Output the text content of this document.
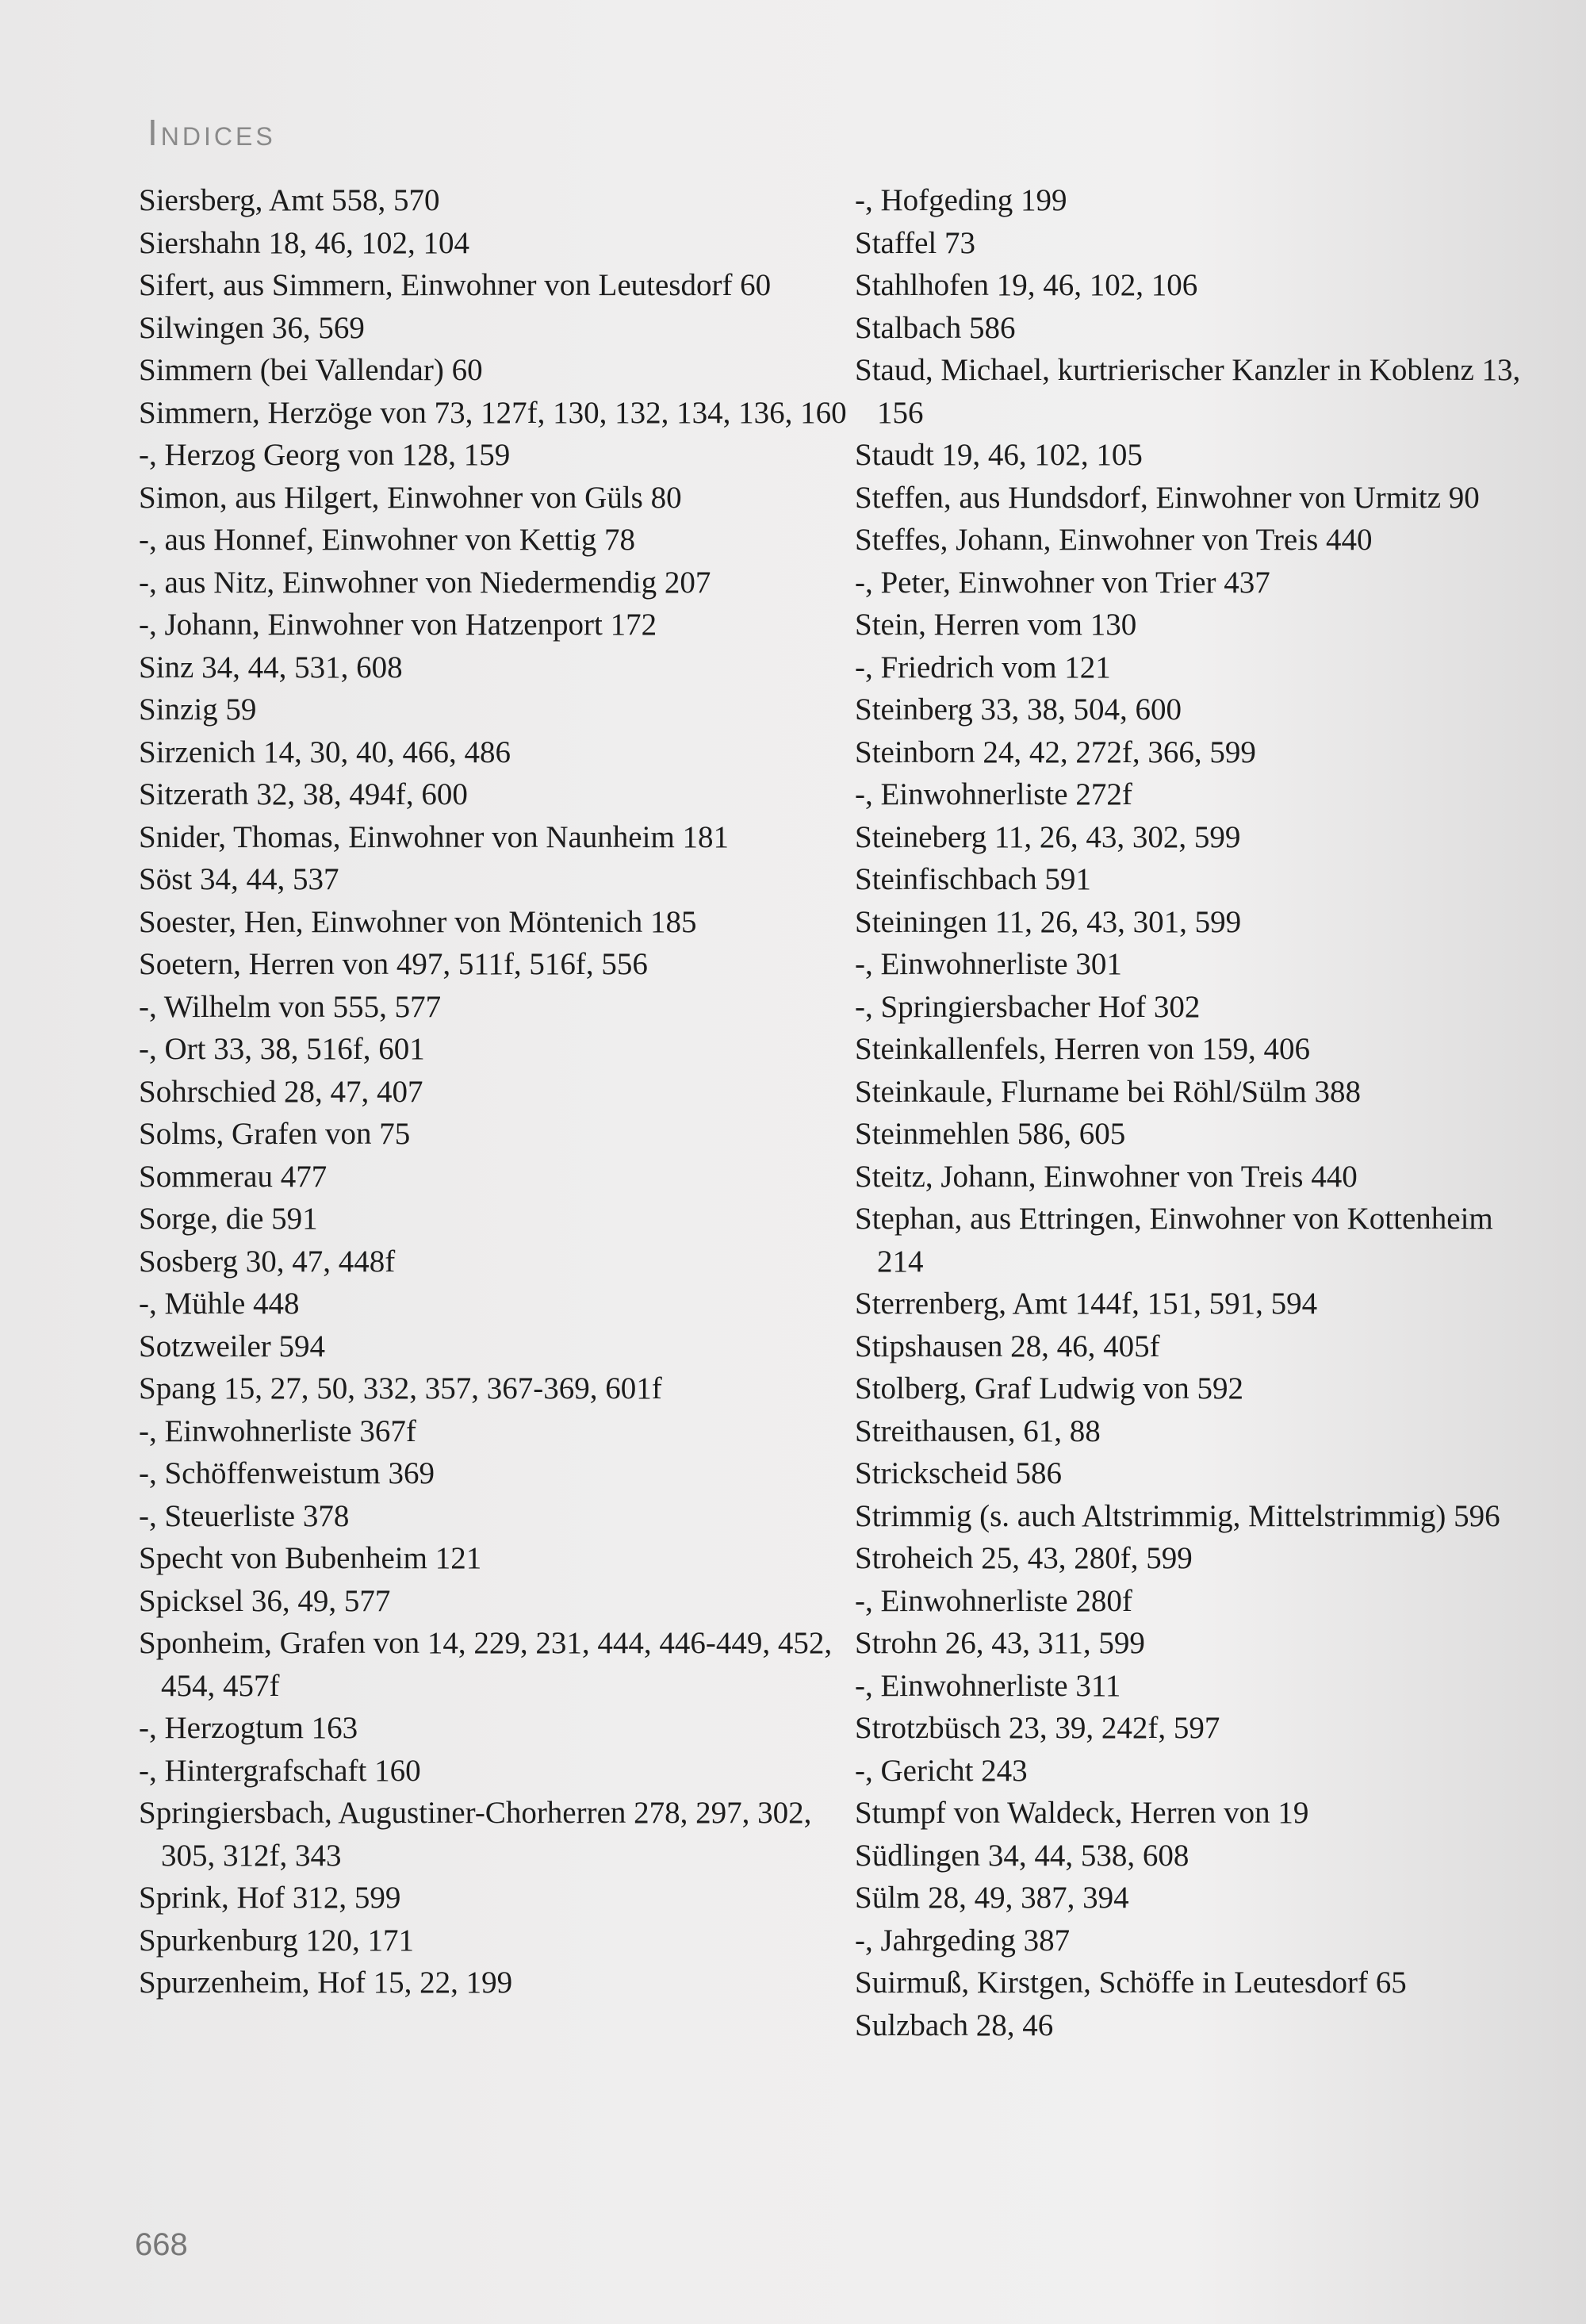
Indices
Siersberg, Amt 558, 570
Siershahn 18, 46, 102, 104
Sifert, aus Simmern, Einwohner von Leutesdorf 60
Silwingen 36, 569
Simmern (bei Vallendar) 60
Simmern, Herzöge von 73, 127f, 130, 132, 134, 136, 160
-, Herzog Georg von 128, 159
Simon, aus Hilgert, Einwohner von Güls 80
-, aus Honnef, Einwohner von Kettig 78
-, aus Nitz, Einwohner von Niedermendig 207
-, Johann, Einwohner von Hatzenport 172
Sinz 34, 44, 531, 608
Sinzig 59
Sirzenich 14, 30, 40, 466, 486
Sitzerath 32, 38, 494f, 600
Snider, Thomas, Einwohner von Naunheim 181
Söst 34, 44, 537
Soester, Hen, Einwohner von Möntenich 185
Soetern, Herren von 497, 511f, 516f, 556
-, Wilhelm von 555, 577
-, Ort 33, 38, 516f, 601
Sohrschied 28, 47, 407
Solms, Grafen von 75
Sommerau 477
Sorge, die 591
Sosberg 30, 47, 448f
-, Mühle 448
Sotzweiler 594
Spang 15, 27, 50, 332, 357, 367-369, 601f
-, Einwohnerliste 367f
-, Schöffenweistum 369
-, Steuerliste 378
Specht von Bubenheim 121
Spicksel 36, 49, 577
Sponheim, Grafen von 14, 229, 231, 444, 446-449, 452, 454, 457f
-, Herzogtum 163
-, Hintergrafschaft 160
Springiersbach, Augustiner-Chorherren 278, 297, 302, 305, 312f, 343
Sprink, Hof 312, 599
Spurkenburg 120, 171
Spurzenheim, Hof 15, 22, 199
-, Hofgeding 199
Staffel 73
Stahlhofen 19, 46, 102, 106
Stalbach 586
Staud, Michael, kurtrierischer Kanzler in Koblenz 13, 156
Staudt 19, 46, 102, 105
Steffen, aus Hundsdorf, Einwohner von Urmitz 90
Steffes, Johann, Einwohner von Treis 440
-, Peter, Einwohner von Trier 437
Stein, Herren vom 130
-, Friedrich vom 121
Steinberg 33, 38, 504, 600
Steinborn 24, 42, 272f, 366, 599
-, Einwohnerliste 272f
Steineberg 11, 26, 43, 302, 599
Steinfischbach 591
Steiningen 11, 26, 43, 301, 599
-, Einwohnerliste 301
-, Springiersbacher Hof 302
Steinkallenfels, Herren von 159, 406
Steinkaule, Flurname bei Röhl/Sülm 388
Steinmehlen 586, 605
Steitz, Johann, Einwohner von Treis 440
Stephan, aus Ettringen, Einwohner von Kottenheim 214
Sterrenberg, Amt 144f, 151, 591, 594
Stipshausen 28, 46, 405f
Stolberg, Graf Ludwig von 592
Streithausen, 61, 88
Strickscheid 586
Strimmig (s. auch Altstrimmig, Mittelstrimmig) 596
Stroheich 25, 43, 280f, 599
-, Einwohnerliste 280f
Strohn 26, 43, 311, 599
-, Einwohnerliste 311
Strotzbüsch 23, 39, 242f, 597
-, Gericht 243
Stumpf von Waldeck, Herren von 19
Südlingen 34, 44, 538, 608
Sülm 28, 49, 387, 394
-, Jahrgeding 387
Suirmuß, Kirstgen, Schöffe in Leutesdorf 65
Sulzbach 28, 46
668
